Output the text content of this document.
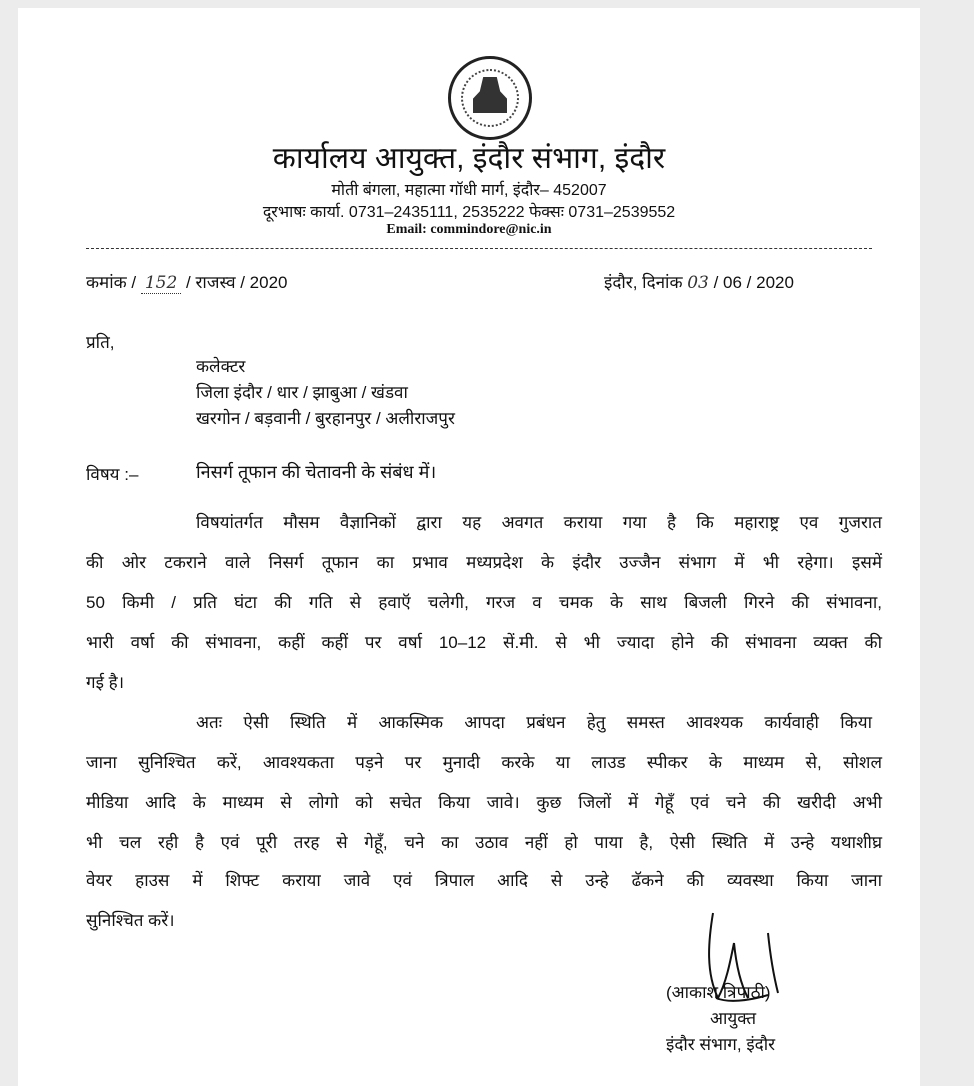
कार्यालय आयुक्त, इंदौर संभाग, इंदौर
मोती बंगला, महात्मा गॉधी मार्ग, इंदौर– 452007
दूरभाषः कार्या. 0731–2435111, 2535222 फेक्सः 0731–2539552
Email: commindore@nic.in
कमांक / 152 / राजस्व / 2020	इंदौर, दिनांक 03 / 06 / 2020
प्रति,
कलेक्टर
जिला इंदौर / धार / झाबुआ / खंडवा
खरगोन / बड़वानी / बुरहानपुर / अलीराजपुर
विषय :–	निसर्ग तूफान की चेतावनी के संबंध में।
विषयांतर्गत मौसम वैज्ञानिकों द्वारा यह अवगत कराया गया है कि महाराष्ट्र एव गुजरात
की ओर टकराने वाले निसर्ग तूफान का प्रभाव मध्यप्रदेश के इंदौर उज्जैन संभाग में भी रहेगा। इसमें
50 किमी / प्रति घंटा की गति से हवाऍ चलेगी, गरज व चमक के साथ बिजली गिरने की संभावना,
भारी वर्षा की संभावना, कहीं कहीं पर वर्षा 10–12 सें.मी. से भी ज्यादा होने की संभावना व्यक्त की
गई है।
अतः ऐसी स्थिति में आकस्मिक आपदा प्रबंधन हेतु समस्त आवश्यक कार्यवाही किया
जाना सुनिश्चित करें, आवश्यकता पड़ने पर मुनादी करके या लाउड स्पीकर के माध्यम से, सोशल
मीडिया आदि के माध्यम से लोगो को सचेत किया जावे। कुछ जिलों में गेहूँ एवं चने की खरीदी अभी
भी चल रही है एवं पूरी तरह से गेहूँ, चने का उठाव नहीं हो पाया है, ऐसी स्थिति में उन्हे यथाशीघ्र
वेयर हाउस में शिफ्ट कराया जावे एवं त्रिपाल आदि से उन्हे ढॅकने की व्यवस्था किया जाना
सुनिश्चित करें।
(आकाश त्रिपाठी)
आयुक्त
इंदौर संभाग, इंदौर
